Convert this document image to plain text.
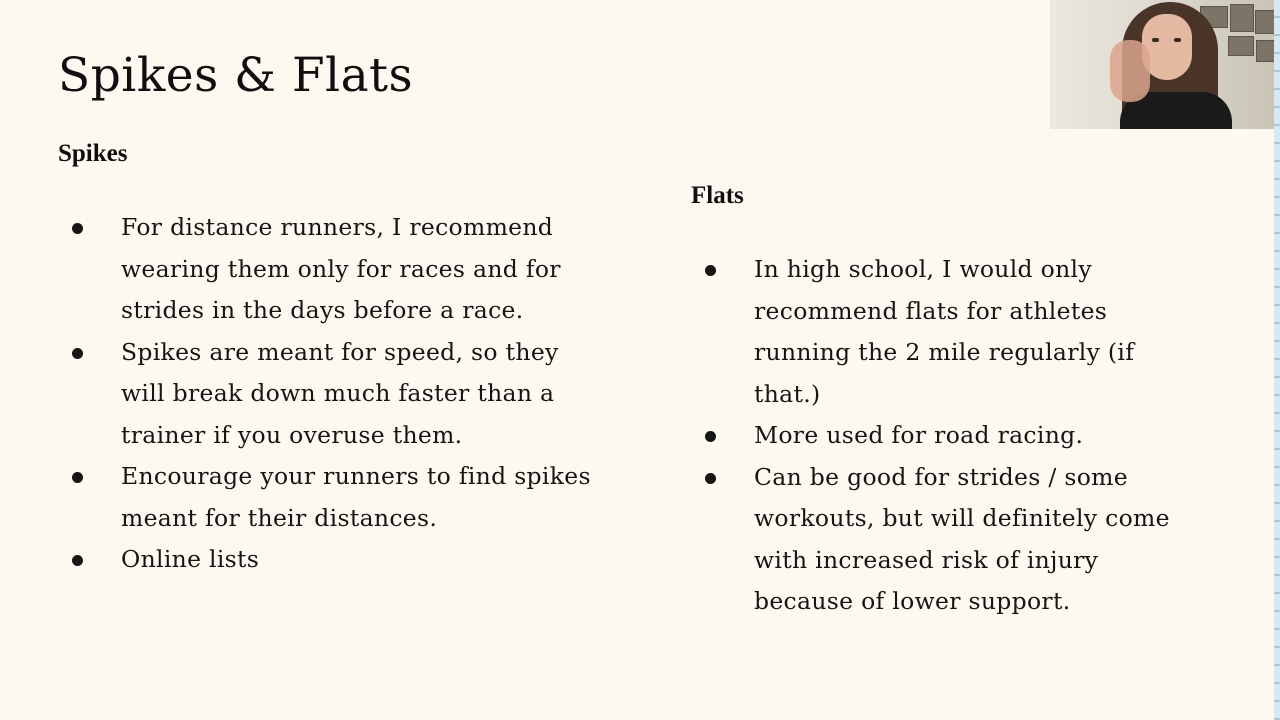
Spikes & Flats
Spikes
For distance runners, I recommend wearing them only for races and for strides in the days before a race.
Spikes are meant for speed, so they will break down much faster than a trainer if you overuse them.
Encourage your runners to find spikes meant for their distances.
Online lists
Flats
In high school, I would only recommend flats for athletes running the 2 mile regularly (if that.)
More used for road racing.
Can be good for strides / some workouts, but will definitely come with increased risk of injury because of lower support.
